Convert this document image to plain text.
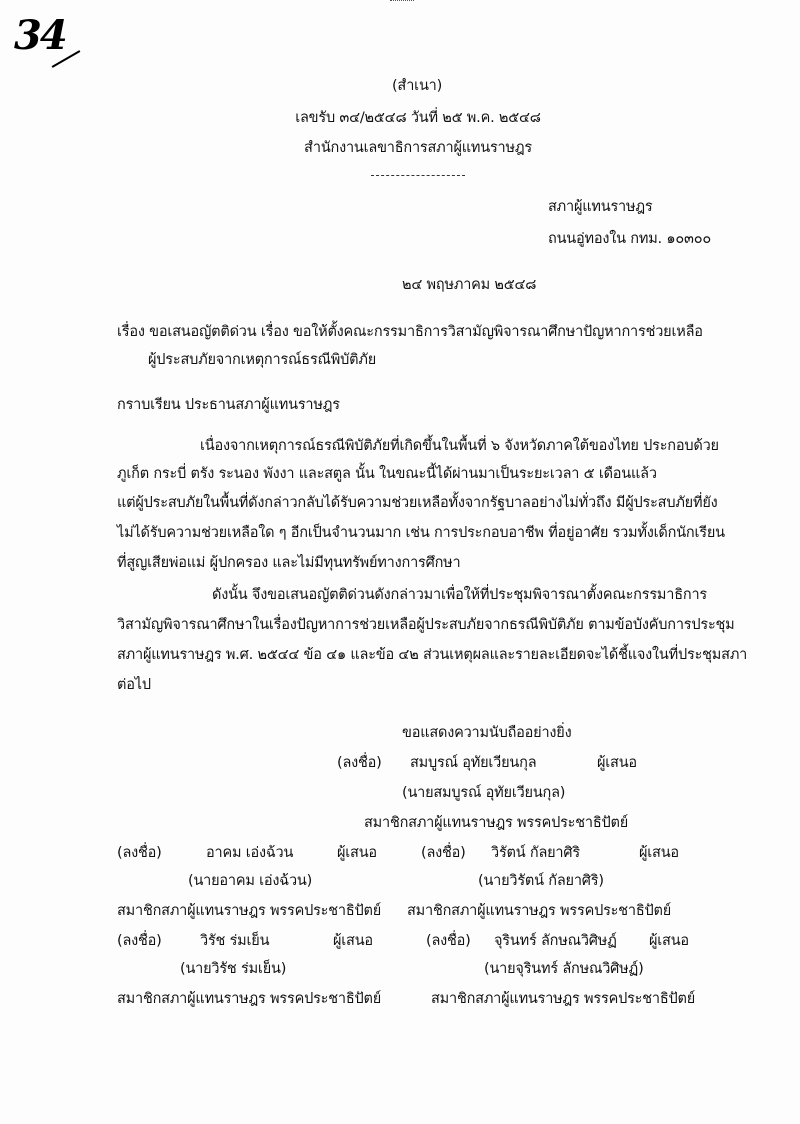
34
(สำเนา)
เลขรับ ๓๔/๒๕๔๘ วันที่ ๒๕ พ.ค. ๒๕๔๘
สำนักงานเลขาธิการสภาผู้แทนราษฎร
สภาผู้แทนราษฎร
ถนนอู่ทองใน กทม. ๑๐๓๐๐
๒๔ พฤษภาคม ๒๕๔๘
เรื่อง ขอเสนอญัตติด่วน เรื่อง ขอให้ตั้งคณะกรรมาธิการวิสามัญพิจารณาศึกษาปัญหาการช่วยเหลือ
ผู้ประสบภัยจากเหตุการณ์ธรณีพิบัติภัย
กราบเรียน ประธานสภาผู้แทนราษฎร
เนื่องจากเหตุการณ์ธรณีพิบัติภัยที่เกิดขึ้นในพื้นที่ ๖ จังหวัดภาคใต้ของไทย ประกอบด้วย
ภูเก็ต กระบี่ ตรัง ระนอง พังงา และสตูล นั้น ในขณะนี้ได้ผ่านมาเป็นระยะเวลา ๕ เดือนแล้ว
แต่ผู้ประสบภัยในพื้นที่ดังกล่าวกลับได้รับความช่วยเหลือทั้งจากรัฐบาลอย่างไม่ทั่วถึง มีผู้ประสบภัยที่ยัง
ไม่ได้รับความช่วยเหลือใด ๆ อีกเป็นจำนวนมาก เช่น การประกอบอาชีพ ที่อยู่อาศัย รวมทั้งเด็กนักเรียน
ที่สูญเสียพ่อแม่ ผู้ปกครอง และไม่มีทุนทรัพย์ทางการศึกษา
ดังนั้น จึงขอเสนอญัตติด่วนดังกล่าวมาเพื่อให้ที่ประชุมพิจารณาตั้งคณะกรรมาธิการ
วิสามัญพิจารณาศึกษาในเรื่องปัญหาการช่วยเหลือผู้ประสบภัยจากธรณีพิบัติภัย ตามข้อบังคับการประชุม
สภาผู้แทนราษฎร พ.ศ. ๒๕๔๔ ข้อ ๔๑ และข้อ ๔๒ ส่วนเหตุผลและรายละเอียดจะได้ชี้แจงในที่ประชุมสภา
ต่อไป
ขอแสดงความนับถืออย่างยิ่ง
(ลงชื่อ) สมบูรณ์ อุทัยเวียนกุล	ผู้เสนอ
(นายสมบูรณ์ อุทัยเวียนกุล)
สมาชิกสภาผู้แทนราษฎร พรรคประชาธิปัตย์
(ลงชื่อ)	อาคม เอ่งฉ้วน	ผู้เสนอ
(นายอาคม เอ่งฉ้วน)
สมาชิกสภาผู้แทนราษฎร พรรคประชาธิปัตย์
(ลงชื่อ) วิรัตน์ กัลยาศิริ	ผู้เสนอ
(นายวิรัตน์ กัลยาศิริ)
สมาชิกสภาผู้แทนราษฎร พรรคประชาธิปัตย์
(ลงชื่อ)	วิรัช ร่มเย็น	ผู้เสนอ
(นายวิรัช ร่มเย็น)
สมาชิกสภาผู้แทนราษฎร พรรคประชาธิปัตย์
(ลงชื่อ) จุรินทร์ ลักษณวิศิษฏ์ ผู้เสนอ
(นายจุรินทร์ ลักษณวิศิษฏ์)
สมาชิกสภาผู้แทนราษฎร พรรคประชาธิปัตย์
